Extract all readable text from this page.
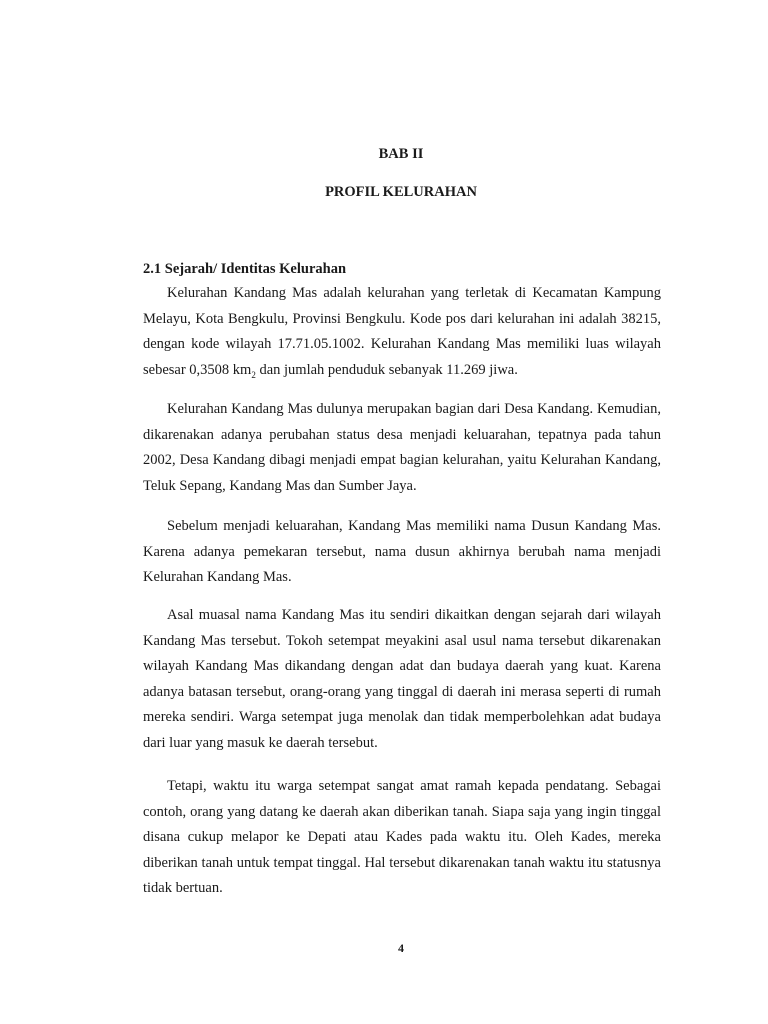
BAB II
PROFIL KELURAHAN
2.1 Sejarah/ Identitas Kelurahan

Kelurahan Kandang Mas adalah kelurahan yang terletak di Kecamatan Kampung Melayu, Kota Bengkulu, Provinsi Bengkulu. Kode pos dari kelurahan ini adalah 38215, dengan kode wilayah 17.71.05.1002. Kelurahan Kandang Mas memiliki luas wilayah sebesar 0,3508 $km_2$ dan jumlah penduduk sebanyak 11.269 jiwa.

Kelurahan Kandang Mas dulunya merupakan bagian dari Desa Kandang. Kemudian, dikarenakan adanya perubahan status desa menjadi keluarahan, tepatnya pada tahun 2002, Desa Kandang dibagi menjadi empat bagian kelurahan, yaitu Kelurahan Kandang, Teluk Sepang, Kandang Mas dan Sumber Jaya.

Sebelum menjadi keluarahan, Kandang Mas memiliki nama Dusun Kandang Mas. Karena adanya pemekaran tersebut, nama dusun akhirnya berubah nama menjadi Kelurahan Kandang Mas.

Asal muasal nama Kandang Mas itu sendiri dikaitkan dengan sejarah dari wilayah Kandang Mas tersebut. Tokoh setempat meyakini asal usul nama tersebut dikarenakan wilayah Kandang Mas dikandang dengan adat dan budaya daerah yang kuat. Karena adanya batasan tersebut, orang-orang yang tinggal di daerah ini merasa seperti di rumah mereka sendiri. Warga setempat juga menolak dan tidak memperbolehkan adat budaya dari luar yang masuk ke daerah tersebut.

Tetapi, waktu itu warga setempat sangat amat ramah kepada pendatang. Sebagai contoh, orang yang datang ke daerah akan diberikan tanah. Siapa saja yang ingin tinggal disana cukup melapor ke Depati atau Kades pada waktu itu. Oleh Kades, mereka diberikan tanah untuk tempat tinggal. Hal tersebut dikarenakan tanah waktu itu statusnya tidak bertuan.

4
